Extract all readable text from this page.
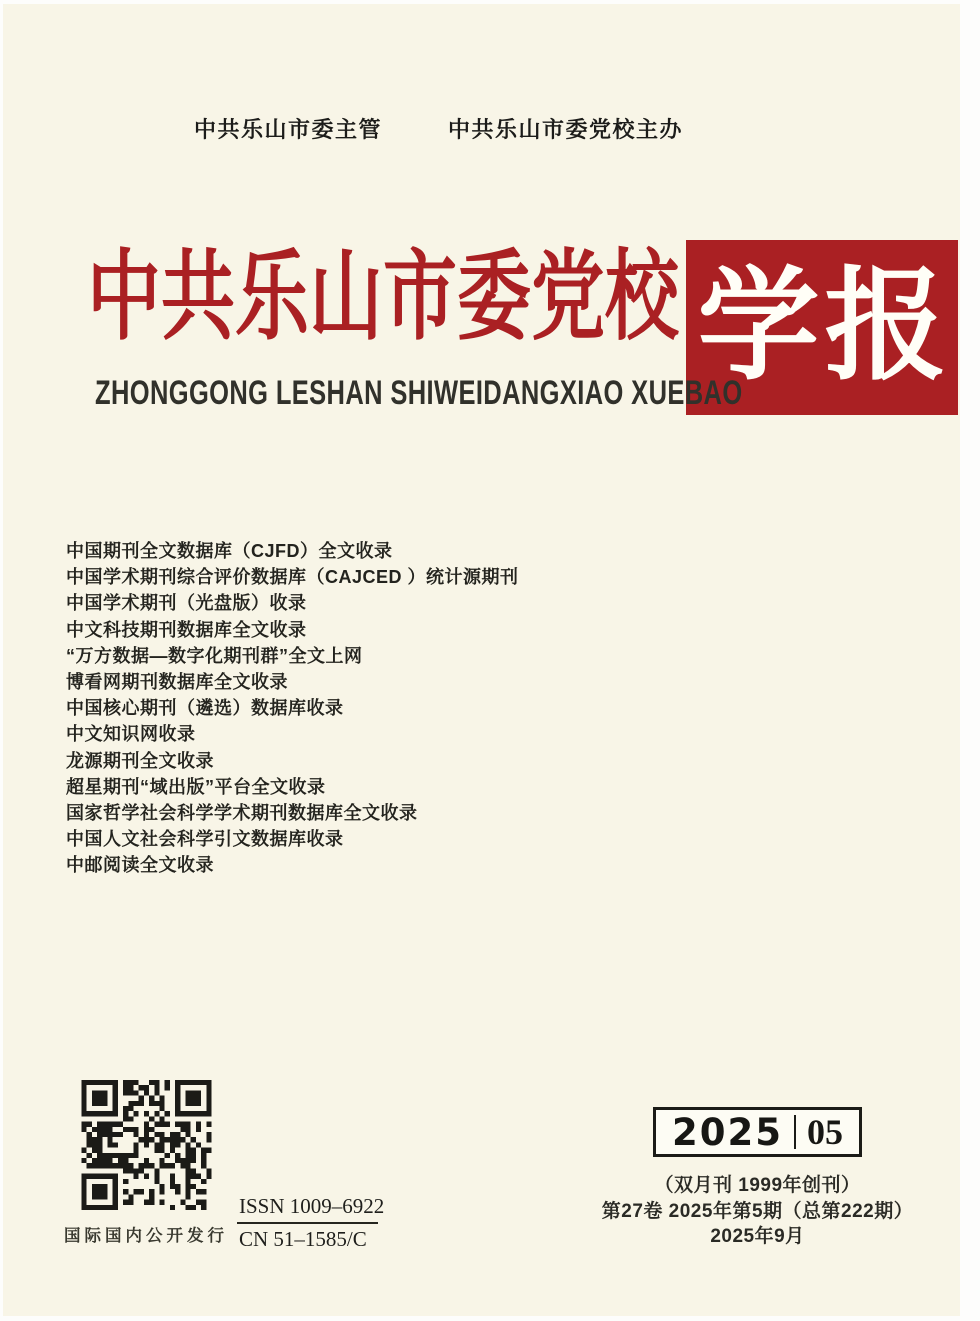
中共乐山市委主管	中共乐山市委党校主办
中共乐山市委党校 学报
ZHONGGONG LESHAN SHIWEIDANGXIAO XUEBAO
中国期刊全文数据库（CJFD）全文收录
中国学术期刊综合评价数据库（CAJCED ）统计源期刊
中国学术期刊（光盘版）收录
中文科技期刊数据库全文收录
“万方数据—数字化期刊群”全文上网
博看网期刊数据库全文收录
中国核心期刊（遴选）数据库收录
中文知识网收录
龙源期刊全文收录
超星期刊“域出版”平台全文收录
国家哲学社会科学学术期刊数据库全文收录
中国人文社会科学引文数据库收录
中邮阅读全文收录
国际国内公开发行
ISSN 1009–6922
CN 51–1585/C
2025 05
（双月刊 1999年创刊）
第27卷 2025年第5期（总第222期）
2025年9月
